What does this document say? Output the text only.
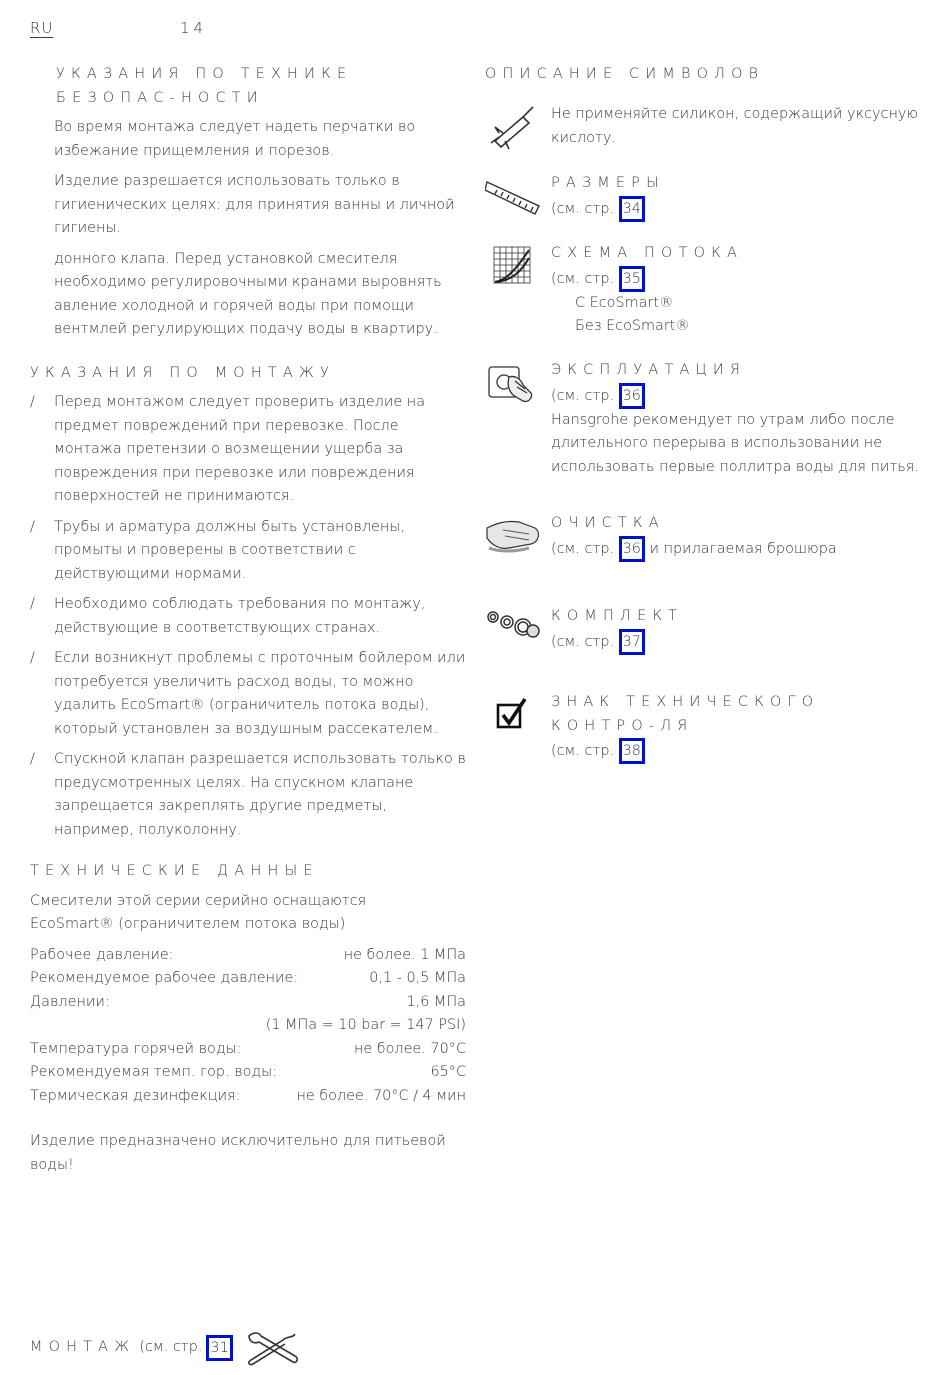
RU	14
УКАЗАНИЯ ПО ТЕХНИКЕ БЕЗОПАС-НОСТИ

Во время монтажа следует надеть перчатки во избежание прищемления и порезов.

Изделие разрешается использовать только в гигиенических целях: для принятия ванны и личной гигиены.

донного клапа. Перед установкой смесителя необходимо регулировочными кранами выровнять авление холодной и горячей воды при помощи вентмлей регулирующих подачу воды в квартиру.

УКАЗАНИЯ ПО МОНТАЖУ
/ Перед монтажом следует проверить изделие на предмет повреждений при перевозке. После монтажа претензии о возмещении ущерба за повреждения при перевозке или повреждения поверхностей не принимаются.
/ Трубы и арматура должны быть установлены, промыты и проверены в соответствии с действующими нормами.
/ Необходимо соблюдать требования по монтажу, действующие в соответствующих странах.
/ Если возникнут проблемы с проточным бойлером или потребуется увеличить расход воды, то можно удалить EcoSmart® (ограничитель потока воды), который установлен за воздушным рассекателем.
/ Спускной клапан разрешается использовать только в предусмотренных целях. На спускном клапане запрещается закреплять другие предметы, например, полуколонну.
ТЕХНИЧЕСКИЕ ДАННЫЕ

Смесители этой серии серийно оснащаются EcoSmart® (ограничителем потока воды)

Рабочее давление:	не более. 1 МПа
Рекомендуемое рабочее давление:	0,1 - 0,5 МПа
Давлении:	1,6 МПа
(1 МПа = 10 bar = 147 PSI)
Температура горячей воды:	не более. 70°C
Рекомендуемая темп. гор. воды:	65°C
Термическая дезинфекция:	не более. 70°C / 4 мин

Изделие предназначено исключительно для питьевой воды!

ОПИСАНИЕ СИМВОЛОВ
Не применяйте силикон, содержащий уксусную кислоту.
РАЗМЕРЫ
(см. стр. 34
СХЕМА ПОТОКА
(см. стр. 35
С EcoSmart®
Без EcoSmart®
ЭКСПЛУАТАЦИЯ
(см. стр. 36
Hansgrohe рекомендует по утрам либо после длительного перерыва в использовании не использовать первые поллитра воды для питья.
ОЧИСТКА
(см. стр. 36 и прилагаемая брошюра
КОМПЛЕКТ
(см. стр. 37
ЗНАК ТЕХНИЧЕСКОГО КОНТРО-ЛЯ
(см. стр. 38
МОНТАЖ (см. стр. 31
